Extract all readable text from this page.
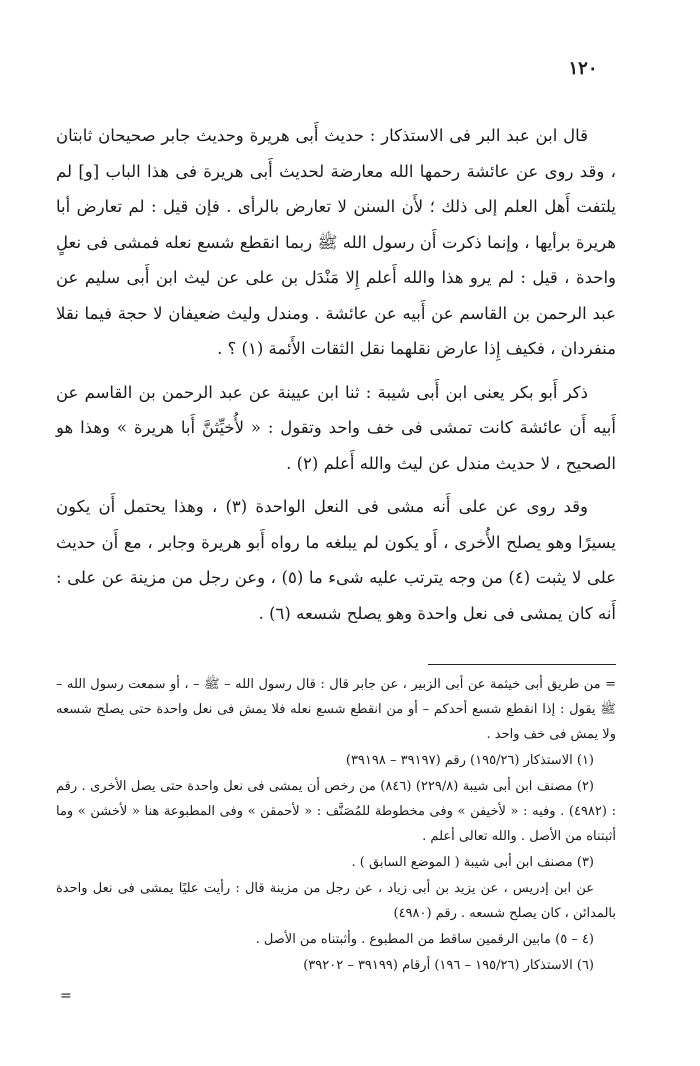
١٢٠

قال ابن عبد البر فى الاستذكار : حديث أَبى هريرة وحديث جابر صحيحان ثابتان ، وقد روى عن عائشة رحمها الله معارضة لحديث أَبى هريرة فى هذا الباب [و] لم يلتفت أَهل العلم إلى ذلك ؛ لأَن السنن لا تعارض بالرأى . فإن قيل : لم تعارض أبا هريرة برأيها ، وإنما ذكرت أَن رسول الله ﷺ ربما انقطع شسع نعله فمشى فى نعلٍ واحدة ، قيل : لم يرو هذا والله أَعلم إِلا مَنْدَل بن على عن ليث ابن أَبى سليم عن عبد الرحمن بن القاسم عن أَبيه عن عائشة . ومندل وليث ضعيفان لا حجة فيما نقلا منفردان ، فكيف إِذا عارض نقلهما نقل الثقات الأَئمة (١) ؟ .

ذكر أَبو بكر يعنى ابن أَبى شيبة : ثنا ابن عيينة عن عبد الرحمن بن القاسم عن أَبيه أَن عائشة كانت تمشى فى خف واحد وتقول : « لأُخيِّثنَّ أَبا هريرة » وهذا هو الصحيح ، لا حديث مندل عن ليث والله أَعلم (٢) .

وقد روى عن على أَنه مشى فى النعل الواحدة (٣) ، وهذا يحتمل أَن يكون يسيرًا وهو يصلح الأُخرى ، أَو يكون لم يبلغه ما رواه أَبو هريرة وجابر ، مع أَن حديث على لا يثبت (٤) من وجه يترتب عليه شىء ما (٥) ، وعن رجل من مزينة عن على : أَنه كان يمشى فى نعل واحدة وهو يصلح شسعه (٦) .

= من طريق أبى خيثمة عن أبى الزبير ، عن جابر قال : قال رسول الله – ﷺ – ، أو سمعت رسول الله – ﷺ يقول : إذا انقطع شسع أحدكم – أو من انقطع شسع نعله فلا يمش فى نعل واحدة حتى يصلح شسعه ولا يمش فى خف واحد .

(١) الاستذكار (١٩٥/٢٦) رقم (٣٩١٩٧ – ٣٩١٩٨)

(٢) مصنف ابن أبى شيبة (٢٢٩/٨) (٨٤٦) من رخص أن يمشى فى نعل واحدة حتى يصل الأخرى . رقم : (٤٩٨٢) . وفيه : « لأخيفن » وفى مخطوطة للمُصَنَّف : « لأحمقن » وفى المطبوعة هنا « لأخشن » وما أثبتناه من الأصل . والله تعالى أعلم .

(٣) مصنف ابن أبى شيبة ( الموضع السابق ) .

عن ابن إدريس ، عن يزيد بن أبى زياد ، عن رجل من مزينة قال : رأيت عليًا يمشى فى نعل واحدة بالمدائن ، كان يصلح شسعه . رقم (٤٩٨٠)

(٤ – ٥) مابين الرقمين ساقط من المطبوع . وأثبتناه من الأصل .

(٦) الاستذكار (١٩٥/٢٦ – ١٩٦) أرقام (٣٩١٩٩ – ٣٩٢٠٢)

=
